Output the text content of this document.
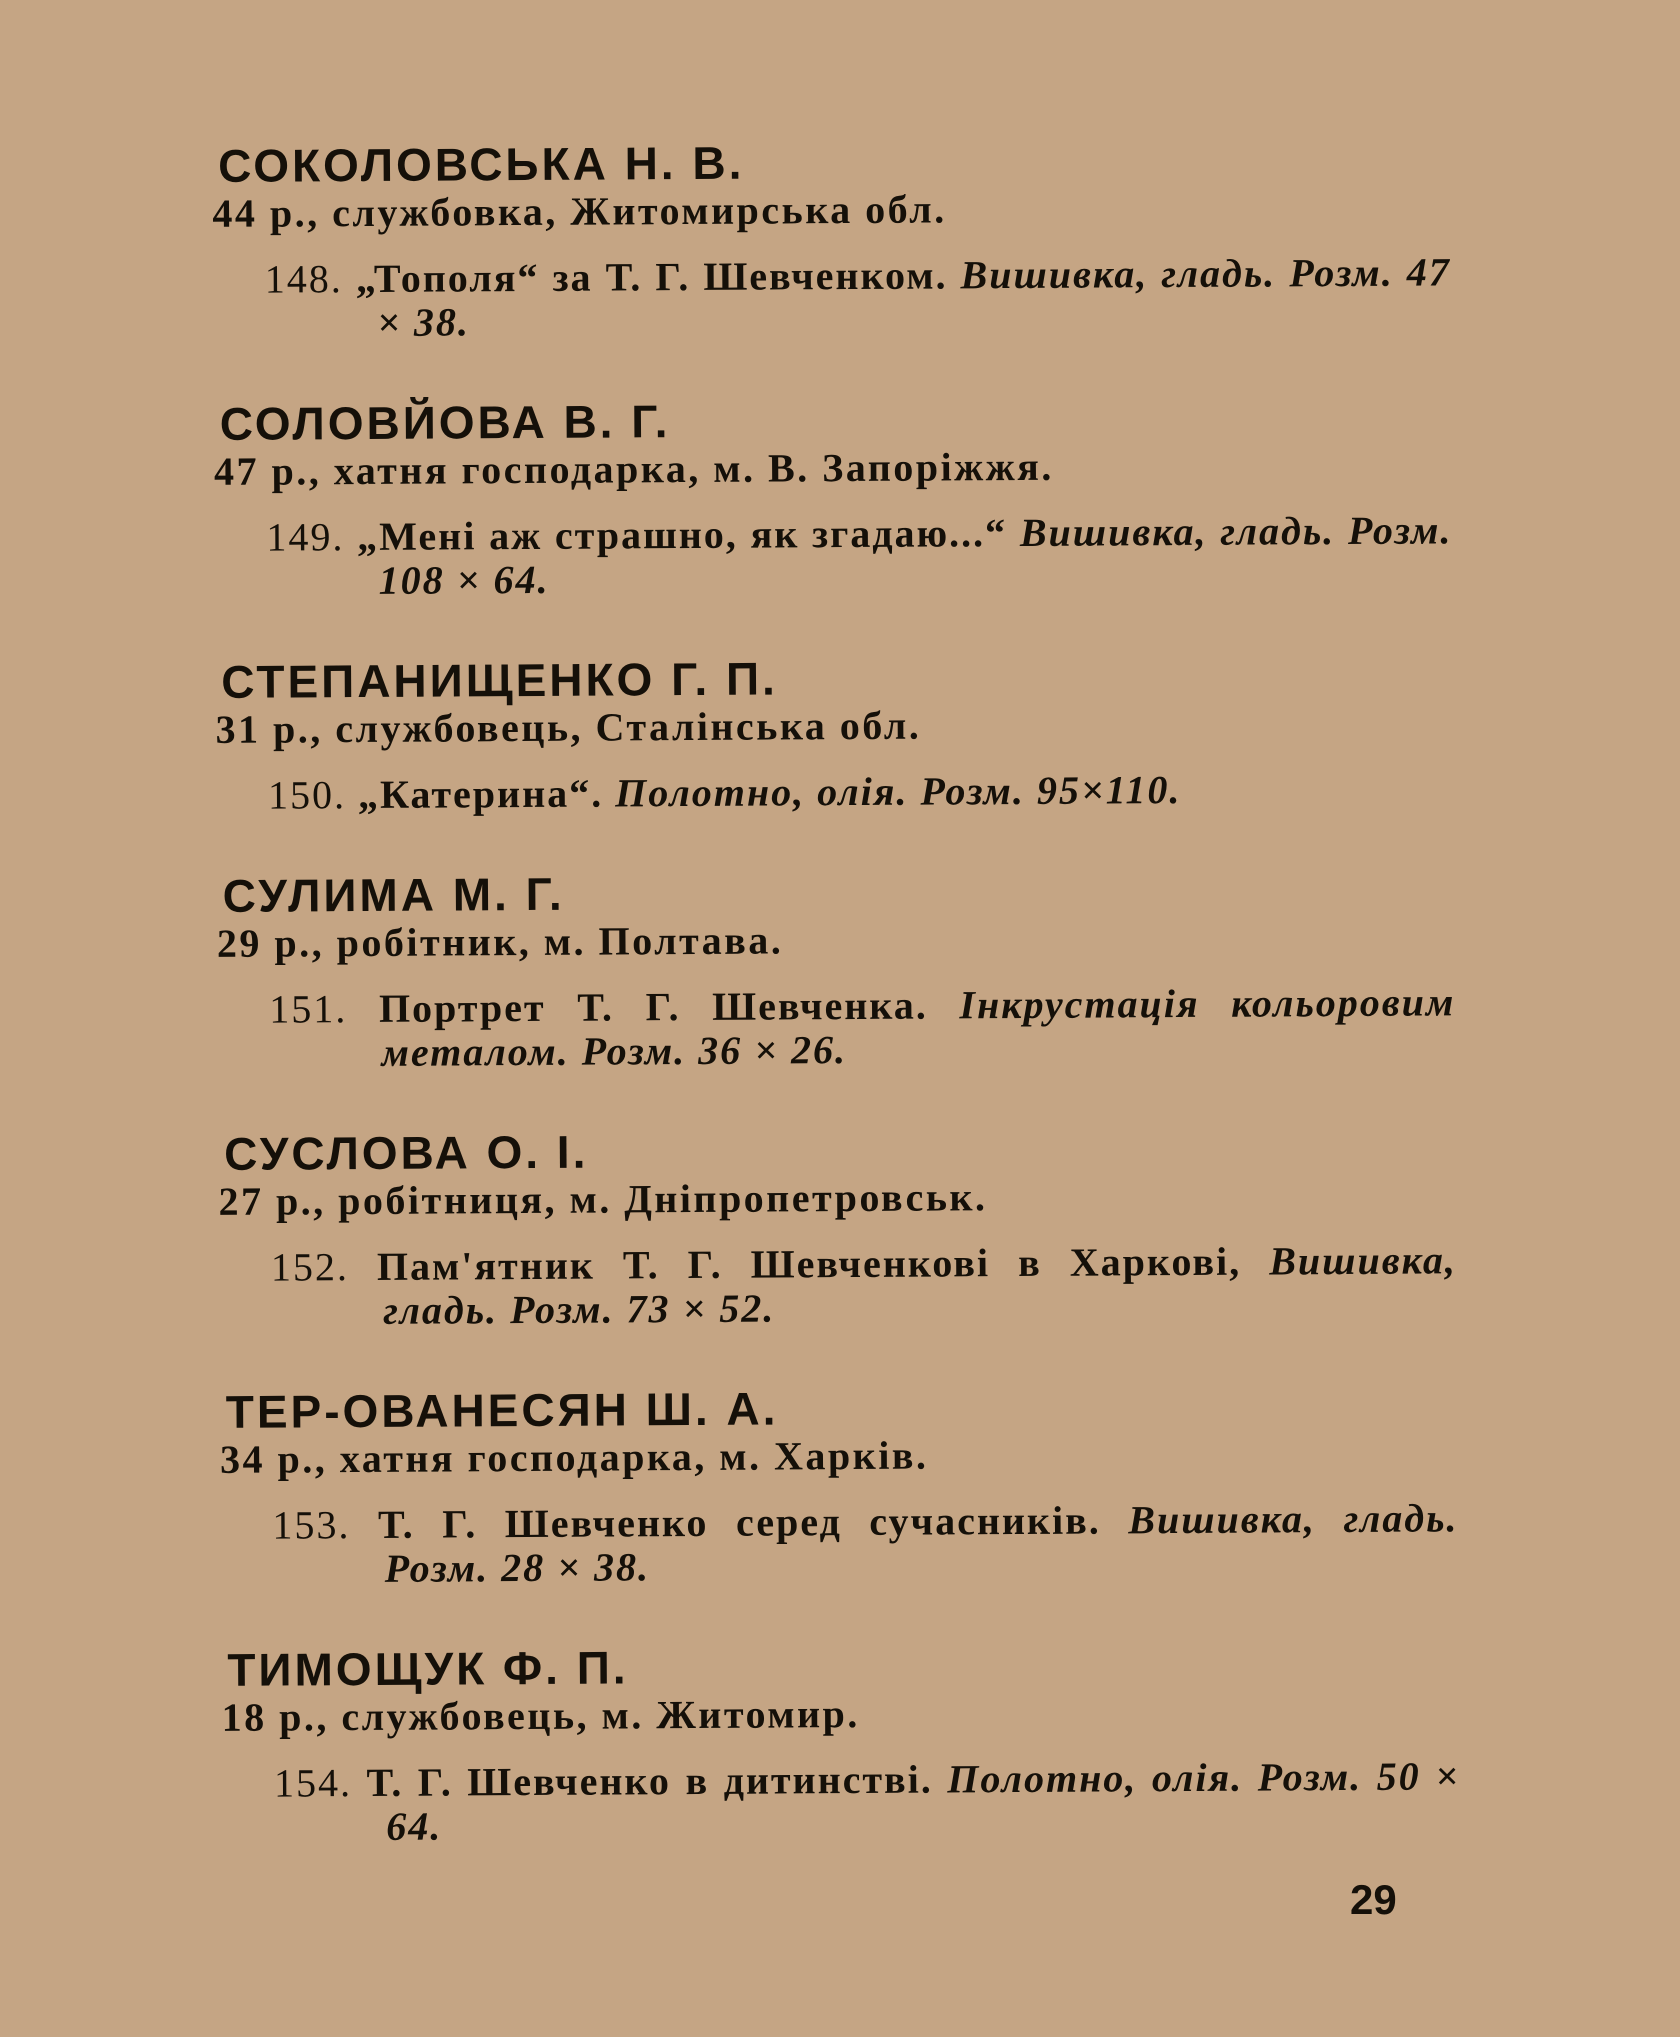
СОКОЛОВСЬКА Н. В.
44 р., службовка, Житомирська обл.
148. „Тополя“ за Т. Г. Шевченком. Вишивка, гладь. Розм. 47 × 38.
СОЛОВЙОВА В. Г.
47 р., хатня господарка, м. В. Запоріжжя.
149. „Мені аж страшно, як згадаю...“ Вишивка, гладь. Розм. 108 × 64.
СТЕПАНИЩЕНКО Г. П.
31 р., службовець, Сталінська обл.
150. „Катерина“. Полотно, олія. Розм. 95×110.
СУЛИМА М. Г.
29 р., робітник, м. Полтава.
151. Портрет Т. Г. Шевченка. Інкрустація кольоровим металом. Розм. 36 × 26.
СУСЛОВА О. І.
27 р., робітниця, м. Дніпропетровськ.
152. Пам'ятник Т. Г. Шевченкові в Харкові, Вишивка, гладь. Розм. 73 × 52.
ТЕР-ОВАНЕСЯН Ш. А.
34 р., хатня господарка, м. Харків.
153. Т. Г. Шевченко серед сучасників. Вишивка, гладь. Розм. 28 × 38.
ТИМОЩУК Ф. П.
18 р., службовець, м. Житомир.
154. Т. Г. Шевченко в дитинстві. Полотно, олія. Розм. 50 × 64.
29
